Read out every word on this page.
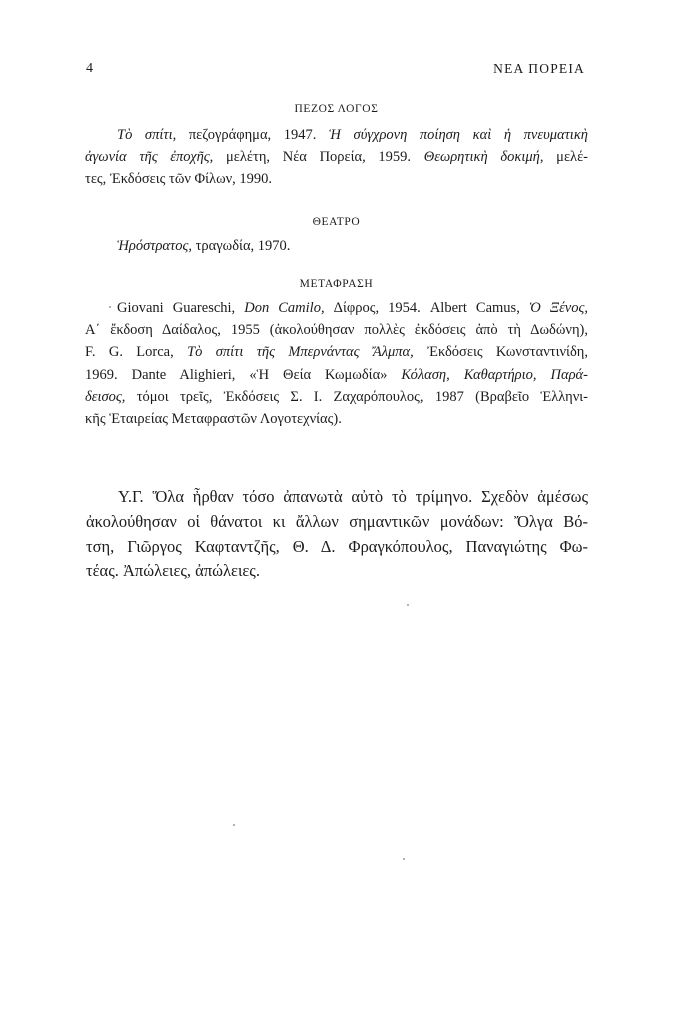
4	ΝΕΑ ΠΟΡΕΙΑ
ΠΕΖΟΣ ΛΟΓΟΣ
Τὸ σπίτι, πεζογράφημα, 1947. Ἡ σύγχρονη ποίηση καὶ ἡ πνευματικὴ
ἀγωνία τῆς ἐποχῆς, μελέτη, Νέα Πορεία, 1959. Θεωρητικὴ δοκιμή, μελέ-
τες, Ἐκδόσεις τῶν Φίλων, 1990.
ΘΕΑΤΡΟ
Ἡρόστρατος, τραγωδία, 1970.
ΜΕΤΑΦΡΑΣΗ
Giovani Guareschi, Don Camilo, Δίφρος, 1954. Albert Camus, Ὁ Ξένος,
Α΄ ἔκδοση Δαίδαλος, 1955 (ἀκολούθησαν πολλὲς ἐκδόσεις ἀπὸ τὴ Δωδώνη),
F. G. Lorca, Τὸ σπίτι τῆς Μπερνάντας Ἄλμπα, Ἐκδόσεις Κωνσταντινίδη,
1969. Dante Alighieri, «Ἡ Θεία Κωμωδία» Κόλαση, Καθαρτήριο, Παρά-
δεισος, τόμοι τρεῖς, Ἐκδόσεις Σ. Ι. Ζαχαρόπουλος, 1987 (Βραβεῖο Ἑλληνι-
κῆς Ἑταιρείας Μεταφραστῶν Λογοτεχνίας).
Υ.Γ. Ὅλα ἦρθαν τόσο ἀπανωτὰ αὐτὸ τὸ τρίμηνο. Σχεδὸν ἀμέσως
ἀκολούθησαν οἱ θάνατοι κι ἄλλων σημαντικῶν μονάδων: Ὄλγα Βό-
τση, Γιῶργος Καφταντζῆς, Θ. Δ. Φραγκόπουλος, Παναγιώτης Φω-
τέας. Ἀπώλειες, ἀπώλειες.
